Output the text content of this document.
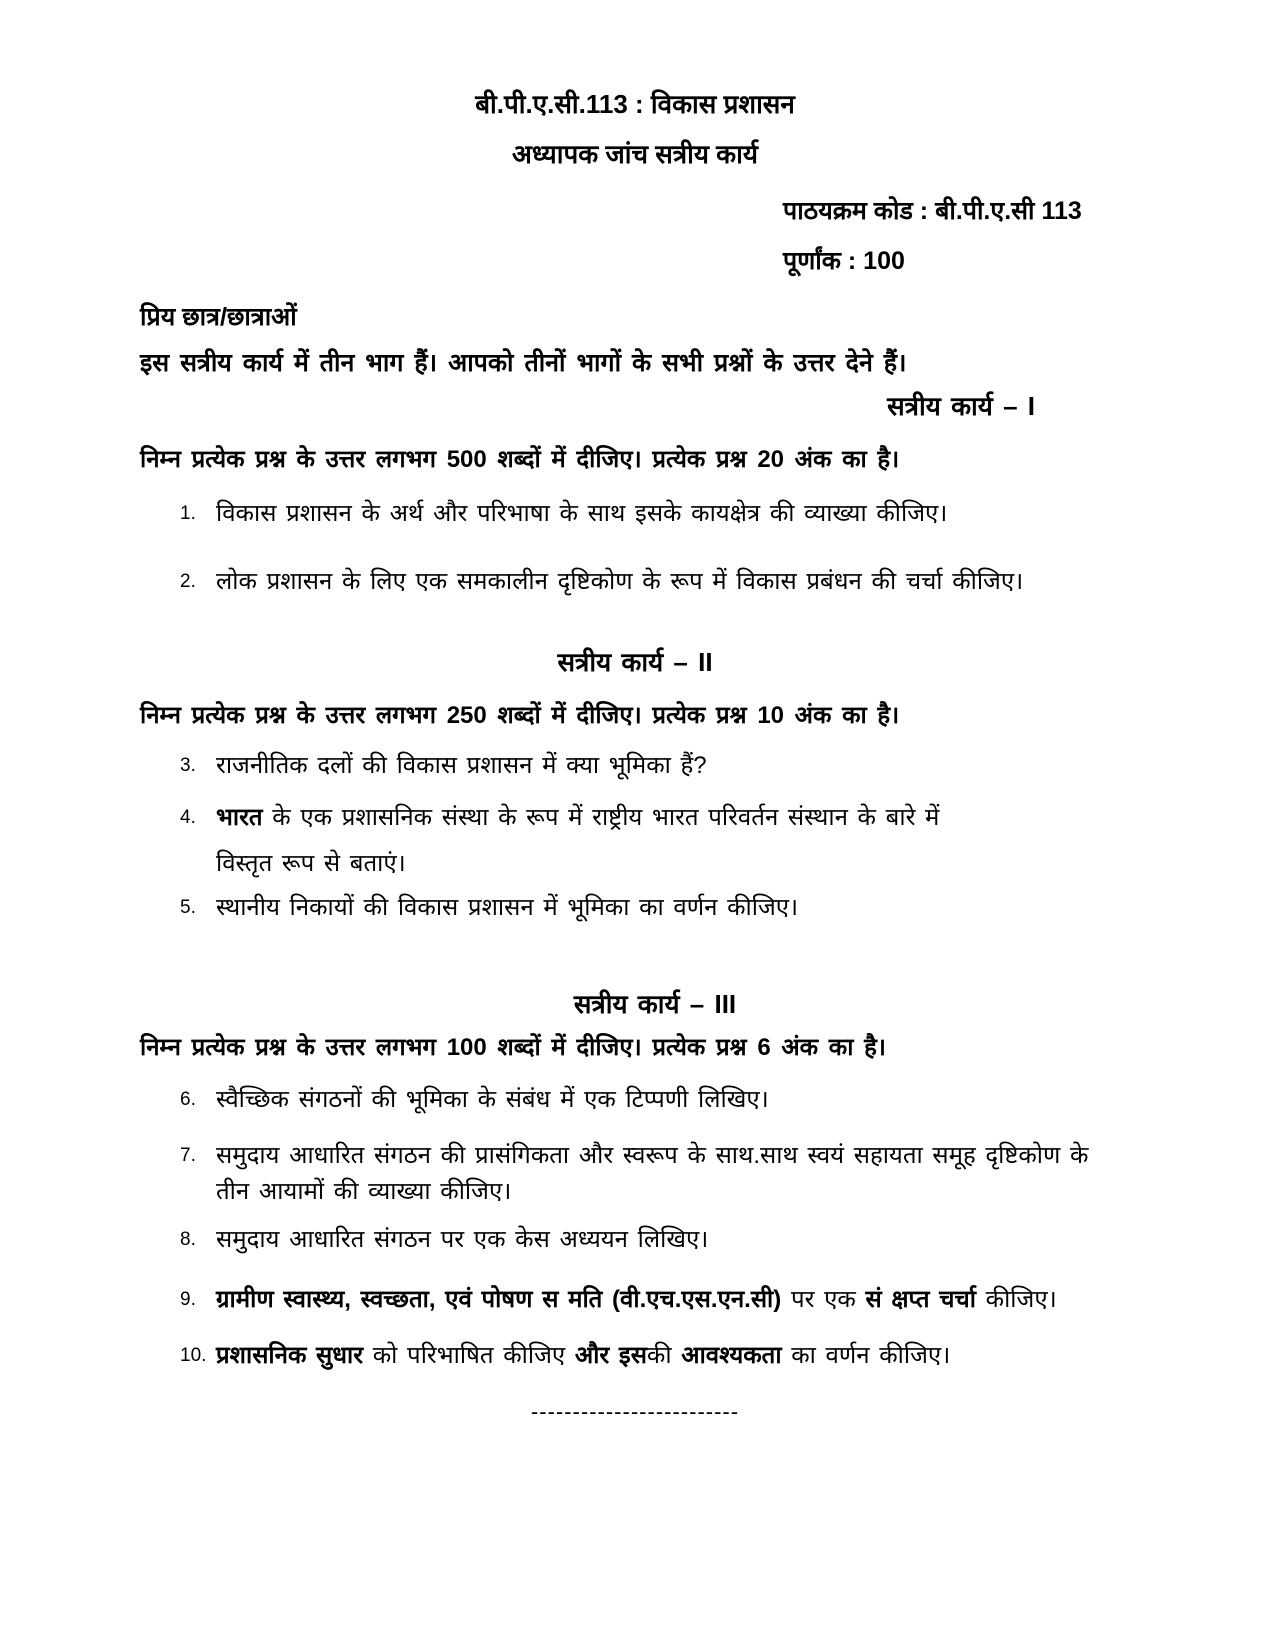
बी.पी.ए.सी.113 : विकास प्रशासन
अध्यापक जांच सत्रीय कार्य
पाठयक्रम कोड : बी.पी.ए.सी 113
पूर्णांक : 100
प्रिय छात्र/छात्राओं
इस सत्रीय कार्य में तीन भाग हैं। आपको तीनों भागों के सभी प्रश्नों के उत्तर देने हैं।
सत्रीय कार्य – I
निम्न प्रत्येक प्रश्न के उत्तर लगभग 500 शब्दों में दीजिए। प्रत्येक प्रश्न 20 अंक का है।
1. विकास प्रशासन के अर्थ और परिभाषा के साथ इसके कायक्षेत्र की व्याख्या कीजिए।
2. लोक प्रशासन के लिए एक समकालीन दृष्टिकोण के रूप में विकास प्रबंधन की चर्चा कीजिए।
सत्रीय कार्य – II
निम्न प्रत्येक प्रश्न के उत्तर लगभग 250 शब्दों में दीजिए। प्रत्येक प्रश्न 10 अंक का है।
3. राजनीतिक दलों की विकास प्रशासन में क्या भूमिका हैं?
4. भारत के एक प्रशासनिक संस्था के रूप में राष्ट्रीय भारत परिवर्तन संस्थान के बारे में
विस्तृत रूप से बताएं।
5. स्थानीय निकायों की विकास प्रशासन में भूमिका का वर्णन कीजिए।
सत्रीय कार्य – III
निम्न प्रत्येक प्रश्न के उत्तर लगभग 100 शब्दों में दीजिए। प्रत्येक प्रश्न 6 अंक का है।
6. स्वैच्छिक संगठनों की भूमिका के संबंध में एक टिप्पणी लिखिए।
7. समुदाय आधारित संगठन की प्रासंगिकता और स्वरूप के साथ.साथ स्वयं सहायता समूह दृष्टिकोण के
तीन आयामों की व्याख्या कीजिए।
8. समुदाय आधारित संगठन पर एक केस अध्ययन लिखिए।
9. ग्रामीण स्वास्थ्य, स्वच्छता, एवं पोषण स मति (वी.एच.एस.एन.सी) पर एक सं क्षप्त चर्चा कीजिए।
10. प्रशासनिक सुधार को परिभाषित कीजिए और इसकी आवश्यकता का वर्णन कीजिए।
-------------------------
